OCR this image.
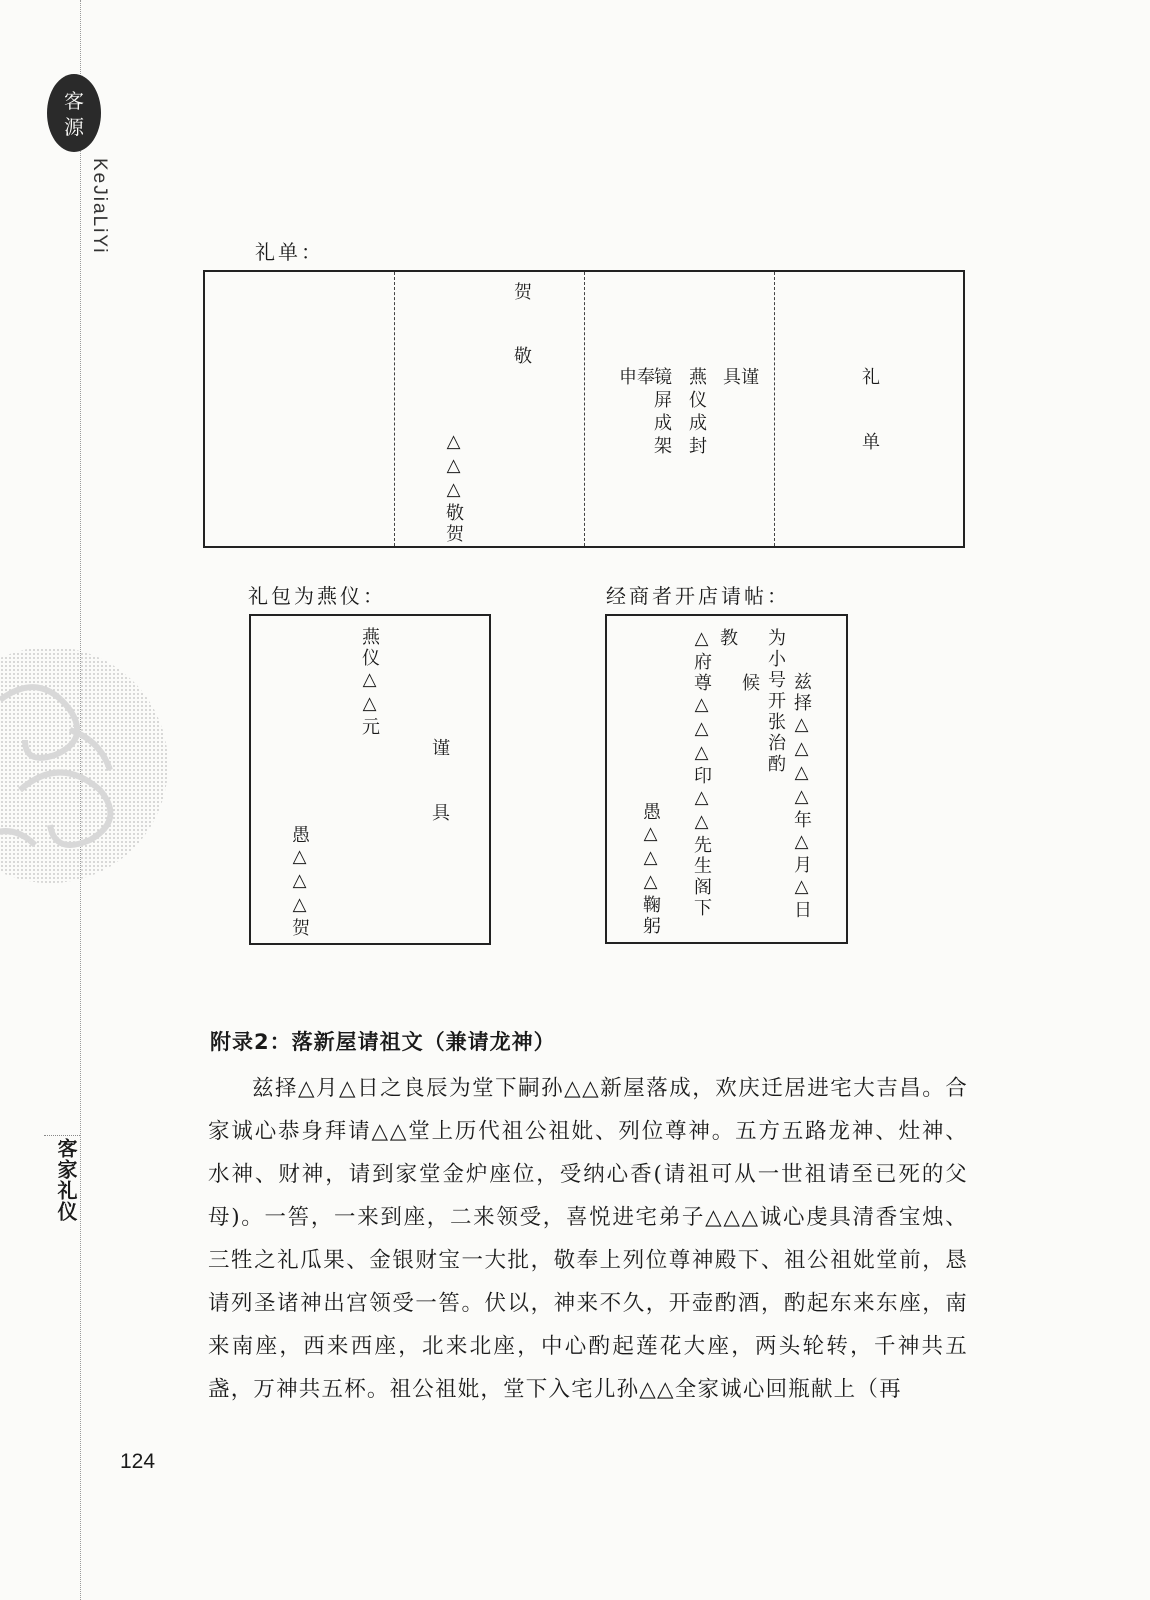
客
源
KeJiaLiYi
客家礼仪
礼单：
贺
敬
△△△敬贺
谨具
燕仪成封
镜屏成架
奉申	礼
单
礼包为燕仪：
燕仪△△元
谨
具
愚△△△贺
经商者开店请帖：
兹择△△△△年△月△日
为小号开张治酌
候
教
△府尊△△△印△△先生阁下
愚△△△鞠躬
附录2：落新屋请祖文（兼请龙神）
兹择△月△日之良辰为堂下嗣孙△△新屋落成，欢庆迁居进宅大吉昌。合家诚心恭身拜请△△堂上历代祖公祖妣、列位尊神。五方五路龙神、灶神、水神、财神，请到家堂金炉座位，受纳心香(请祖可从一世祖请至已死的父母)。一筶，一来到座，二来领受，喜悦进宅弟子△△△诚心虔具清香宝烛、三牲之礼瓜果、金银财宝一大批，敬奉上列位尊神殿下、祖公祖妣堂前，恳请列圣诸神出宫领受一筶。伏以，神来不久，开壶酌酒，酌起东来东座，南来南座，西来西座，北来北座，中心酌起莲花大座，两头轮转，千神共五盏，万神共五杯。祖公祖妣，堂下入宅儿孙△△全家诚心回瓶献上（再
124
